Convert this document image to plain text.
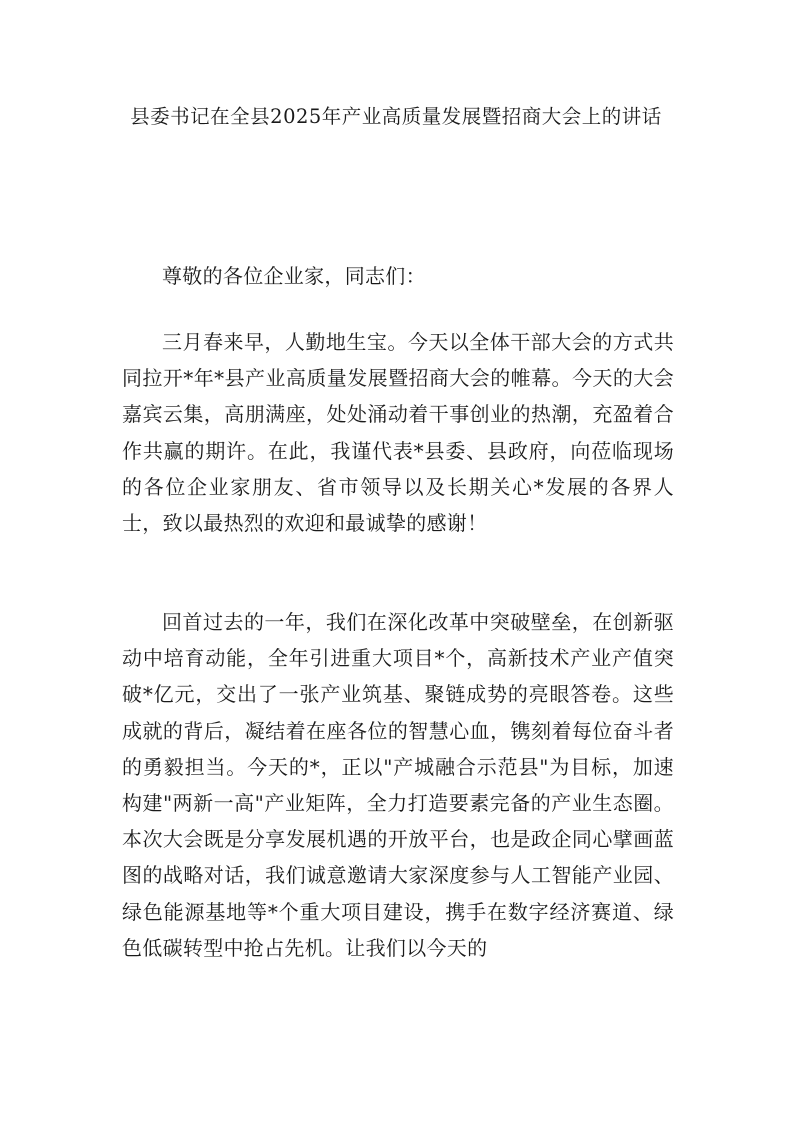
县委书记在全县2025年产业高质量发展暨招商大会上的讲话

尊敬的各位企业家，同志们：

三月春来早，人勤地生宝。今天以全体干部大会的方式共同拉开*年*县产业高质量发展暨招商大会的帷幕。今天的大会嘉宾云集，高朋满座，处处涌动着干事创业的热潮，充盈着合作共赢的期许。在此，我谨代表*县委、县政府，向莅临现场的各位企业家朋友、省市领导以及长期关心*发展的各界人士，致以最热烈的欢迎和最诚挚的感谢！

回首过去的一年，我们在深化改革中突破壁垒，在创新驱动中培育动能，全年引进重大项目*个，高新技术产业产值突破*亿元，交出了一张产业筑基、聚链成势的亮眼答卷。这些成就的背后，凝结着在座各位的智慧心血，镌刻着每位奋斗者的勇毅担当。今天的*，正以"产城融合示范县"为目标，加速构建"两新一高"产业矩阵，全力打造要素完备的产业生态圈。本次大会既是分享发展机遇的开放平台，也是政企同心擘画蓝图的战略对话，我们诚意邀请大家深度参与人工智能产业园、绿色能源基地等*个重大项目建设，携手在数字经济赛道、绿色低碳转型中抢占先机。让我们以今天的
